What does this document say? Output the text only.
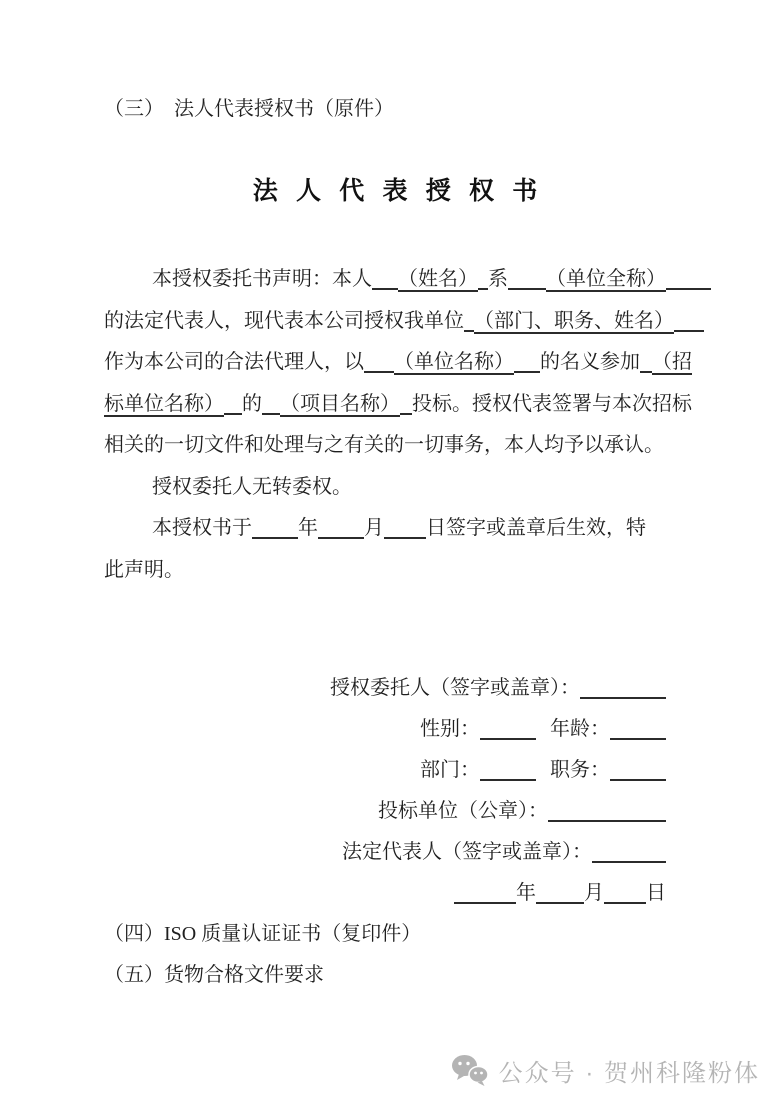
（三）　法人代表授权书（原件）
法 人 代 表 授 权 书
本授权委托书声明：本人 （姓名） 系 （单位全称）
的法定代表人，现代表本公司授权我单位 （部门、职务、姓名）
作为本公司的合法代理人，以 （单位名称） 的名义参加 （招
标单位名称） 的 （项目名称） 投标。授权代表签署与本次招标
相关的一切文件和处理与之有关的一切事务，本人均予以承认。
授权委托人无转委权。
本授权书于 年 月 日签字或盖章后生效，特
此声明。
授权委托人（签字或盖章）：
性别：	年龄：
部门：	职务：
投标单位（公章）：
法定代表人（签字或盖章）：
年 月 日
（四）ISO 质量认证证书（复印件）
（五）货物合格文件要求
公众号 · 贺州科隆粉体
